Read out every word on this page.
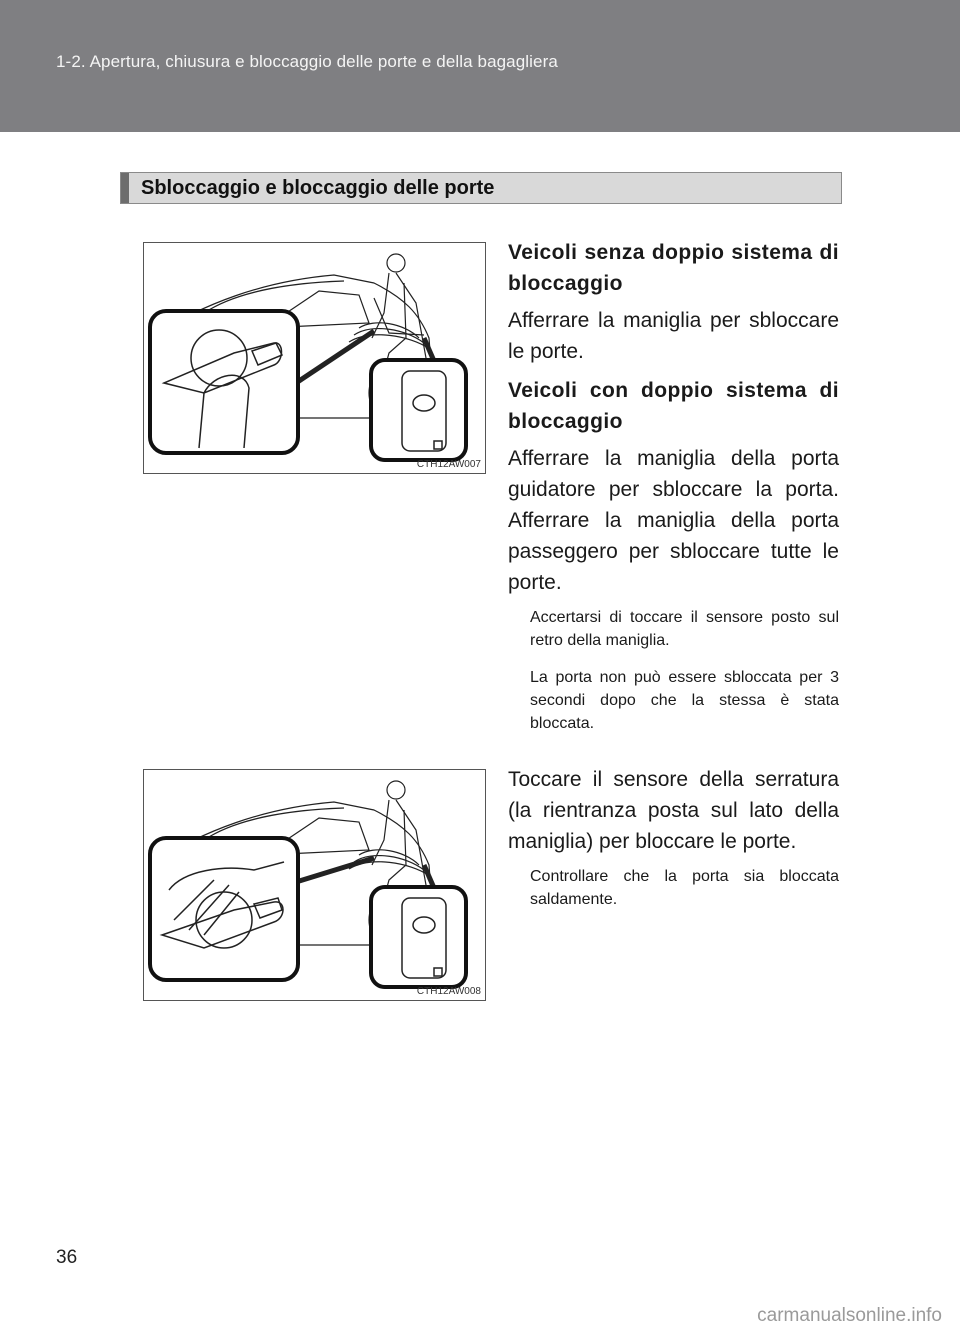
1-2. Apertura, chiusura e bloccaggio delle porte e della bagagliera
Sbloccaggio e bloccaggio delle porte
CTH12AW007
CTH12AW008
Veicoli senza doppio sistema di bloccaggio
Afferrare la maniglia per sbloccare le porte.
Veicoli con doppio sistema di bloccaggio
Afferrare la maniglia della porta guidatore per sbloccare la porta. Afferrare la maniglia della porta passeggero per sbloccare tutte le porte.
Accertarsi di toccare il sensore posto sul retro della maniglia.
La porta non può essere sbloccata per 3 secondi dopo che la stessa è stata bloccata.
Toccare il sensore della serratura (la rientranza posta sul lato della maniglia) per bloccare le porte.
Controllare che la porta sia bloccata saldamente.
36
carmanualsonline.info
